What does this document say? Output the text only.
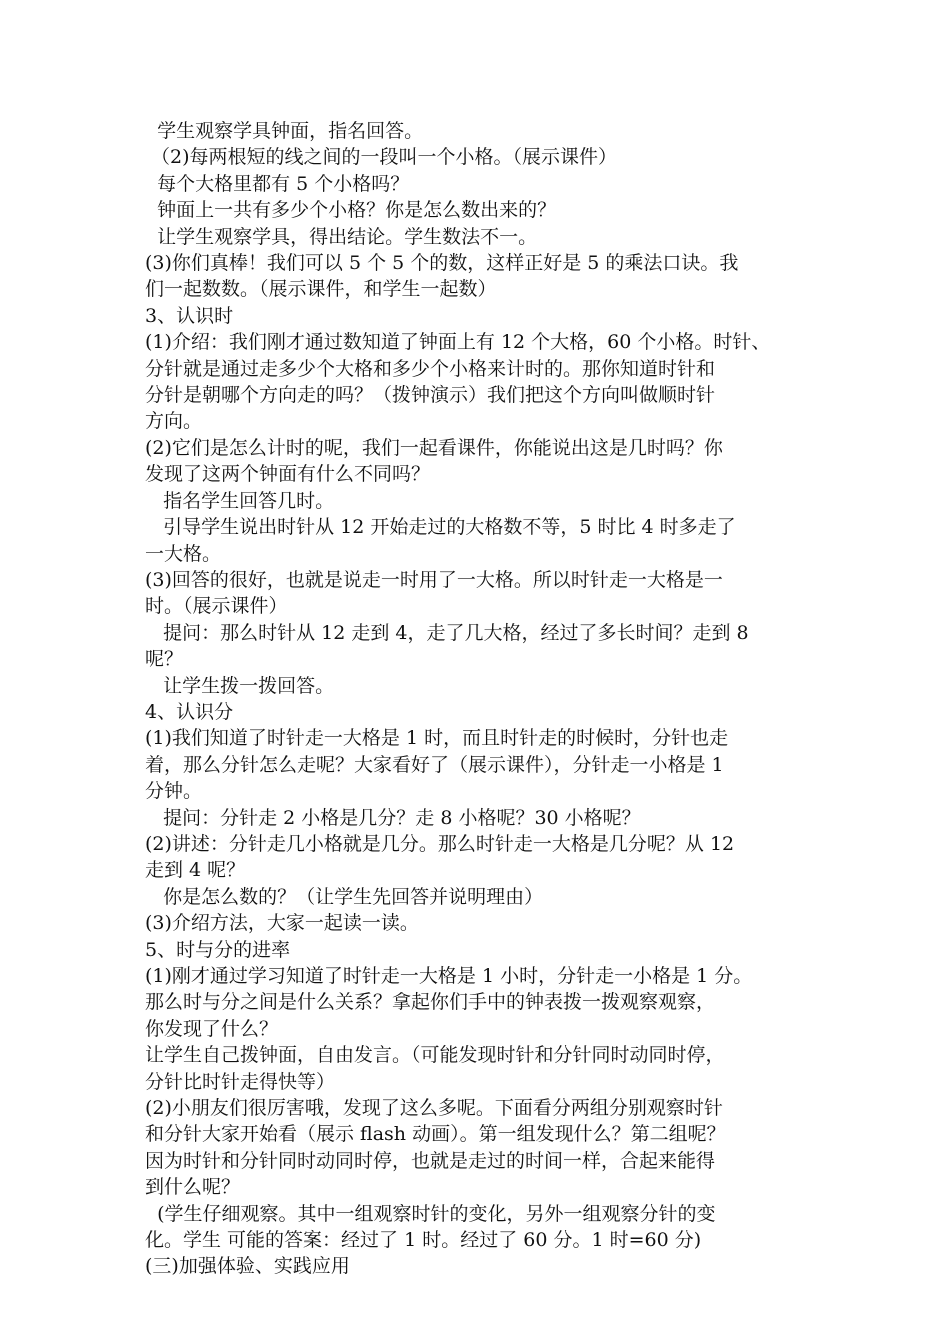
学生观察学具钟面，指名回答。

（2)每两根短的线之间的一段叫一个小格。（展示课件）

每个大格里都有 5 个小格吗？

钟面上一共有多少个小格？你是怎么数出来的？

让学生观察学具，得出结论。学生数法不一。

(3)你们真棒！我们可以 5 个 5 个的数，这样正好是 5 的乘法口诀。我

们一起数数。（展示课件，和学生一起数）

3、认识时

(1)介绍：我们刚才通过数知道了钟面上有 12 个大格，60 个小格。时针、

分针就是通过走多少个大格和多少个小格来计时的。那你知道时针和

分针是朝哪个方向走的吗？（拨钟演示）我们把这个方向叫做顺时针

方向。

(2)它们是怎么计时的呢，我们一起看课件，你能说出这是几时吗？你

发现了这两个钟面有什么不同吗？

指名学生回答几时。

引导学生说出时针从 12 开始走过的大格数不等，5 时比 4 时多走了

一大格。

(3)回答的很好，也就是说走一时用了一大格。所以时针走一大格是一

时。（展示课件）

提问：那么时针从 12 走到 4，走了几大格，经过了多长时间？走到 8

呢？

让学生拨一拨回答。

4、认识分

(1)我们知道了时针走一大格是 1 时，而且时针走的时候时，分针也走

着，那么分针怎么走呢？大家看好了（展示课件），分针走一小格是 1

分钟。

提问：分针走 2 小格是几分？走 8 小格呢？30 小格呢？

(2)讲述：分针走几小格就是几分。那么时针走一大格是几分呢？从 12

走到 4 呢？

你是怎么数的？（让学生先回答并说明理由）

(3)介绍方法，大家一起读一读。

5、时与分的进率

(1)刚才通过学习知道了时针走一大格是 1 小时，分针走一小格是 1 分。

那么时与分之间是什么关系？拿起你们手中的钟表拨一拨观察观察，

你发现了什么？

让学生自己拨钟面，自由发言。（可能发现时针和分针同时动同时停，

分针比时针走得快等）

(2)小朋友们很厉害哦，发现了这么多呢。下面看分两组分别观察时针

和分针大家开始看（展示 flash 动画）。第一组发现什么？第二组呢？

因为时针和分针同时动同时停，也就是走过的时间一样，合起来能得

到什么呢？

(学生仔细观察。其中一组观察时针的变化，另外一组观察分针的变

化。学生 可能的答案：经过了 1 时。经过了 60 分。1 时=60 分)

(三)加强体验、实践应用
